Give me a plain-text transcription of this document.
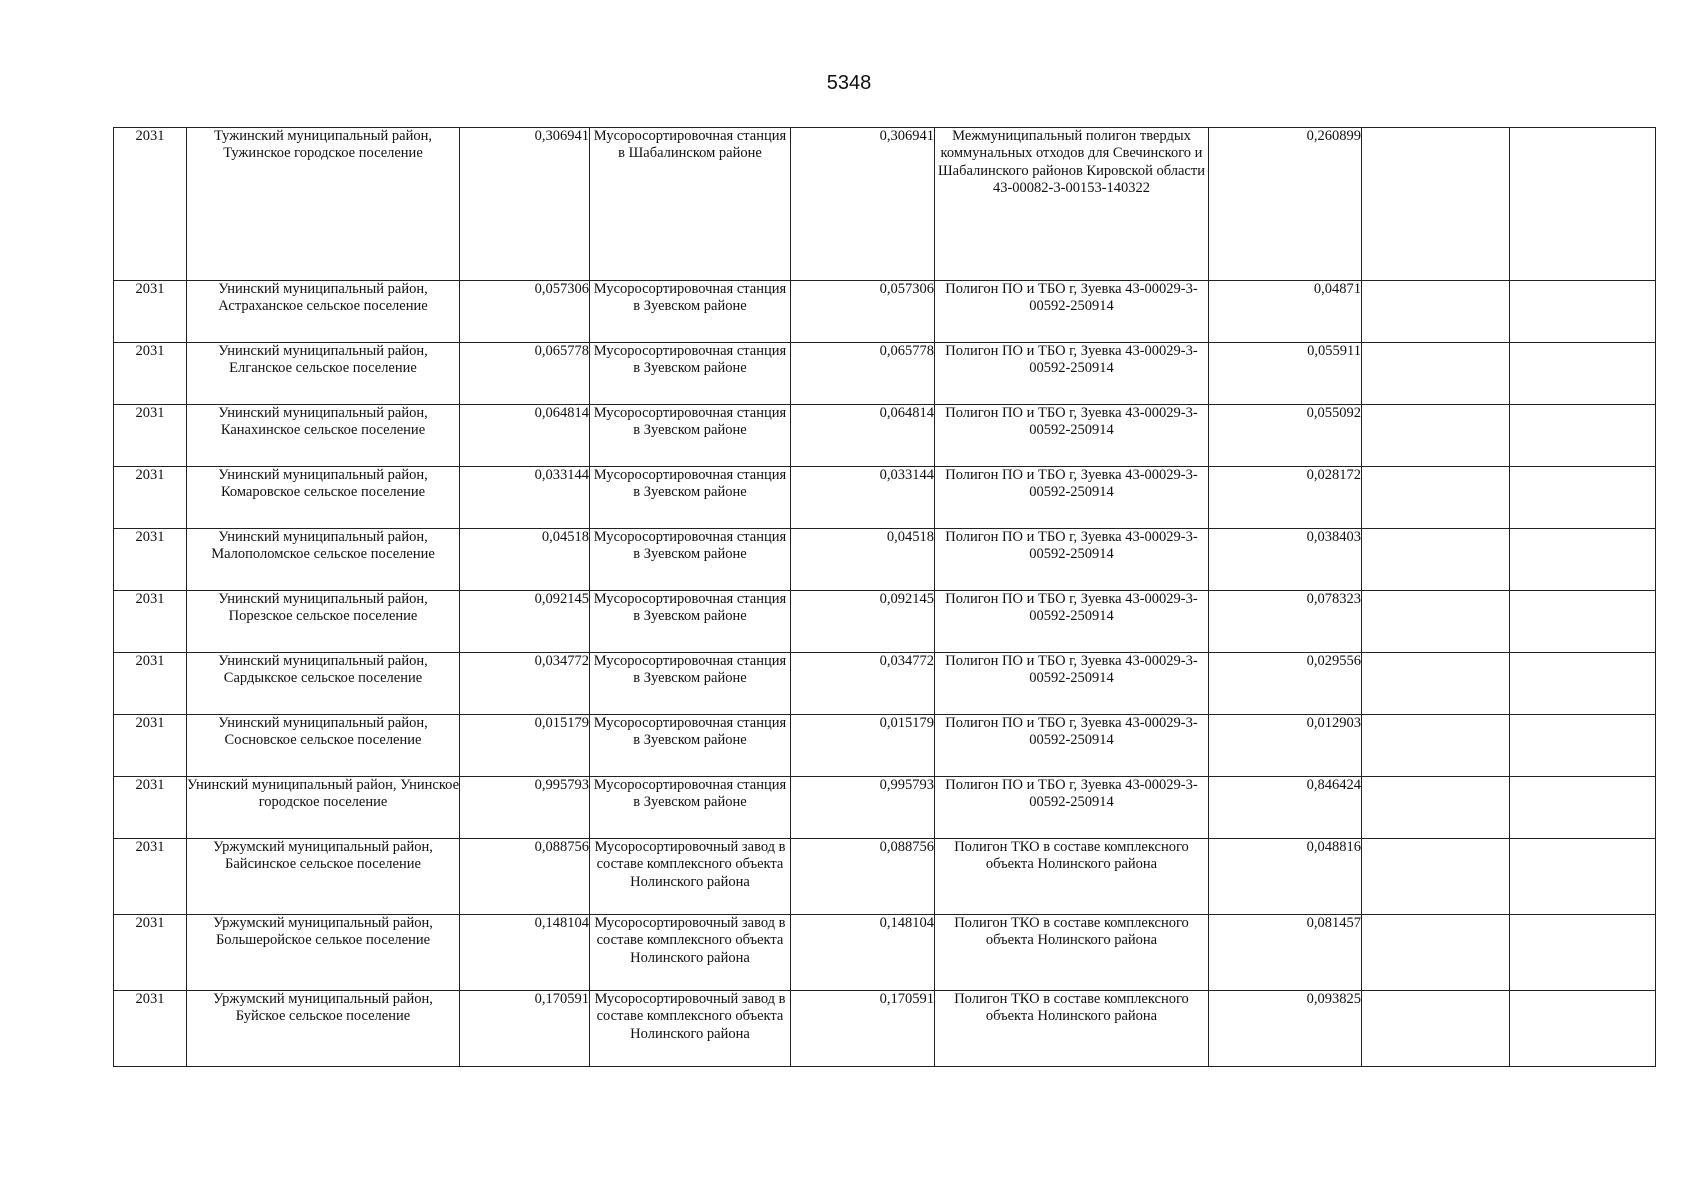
5348
2031	Тужинский муниципальный район, Тужинское городское поселение	0,306941	Мусоросортировочная станция в Шабалинском районе	0,306941	Межмуниципальный полигон твердых коммунальных отходов для Свечинского и Шабалинского районов Кировской области 43-00082-3-00153-140322	0,260899		
2031	Унинский муниципальный район, Астраханское сельское поселение	0,057306	Мусоросортировочная станция в Зуевском районе	0,057306	Полигон ПО и ТБО г, Зуевка 43-00029-3-00592-250914	0,04871		
2031	Унинский муниципальный район, Елганское сельское поселение	0,065778	Мусоросортировочная станция в Зуевском районе	0,065778	Полигон ПО и ТБО г, Зуевка 43-00029-3-00592-250914	0,055911		
2031	Унинский муниципальный район, Канахинское сельское поселение	0,064814	Мусоросортировочная станция в Зуевском районе	0,064814	Полигон ПО и ТБО г, Зуевка 43-00029-3-00592-250914	0,055092		
2031	Унинский муниципальный район, Комаровское сельское поселение	0,033144	Мусоросортировочная станция в Зуевском районе	0,033144	Полигон ПО и ТБО г, Зуевка 43-00029-3-00592-250914	0,028172		
2031	Унинский муниципальный район, Малополомское сельское поселение	0,04518	Мусоросортировочная станция в Зуевском районе	0,04518	Полигон ПО и ТБО г, Зуевка 43-00029-3-00592-250914	0,038403		
2031	Унинский муниципальный район, Порезское сельское поселение	0,092145	Мусоросортировочная станция в Зуевском районе	0,092145	Полигон ПО и ТБО г, Зуевка 43-00029-3-00592-250914	0,078323		
2031	Унинский муниципальный район, Сардыкское сельское поселение	0,034772	Мусоросортировочная станция в Зуевском районе	0,034772	Полигон ПО и ТБО г, Зуевка 43-00029-3-00592-250914	0,029556		
2031	Унинский муниципальный район, Сосновское сельское поселение	0,015179	Мусоросортировочная станция в Зуевском районе	0,015179	Полигон ПО и ТБО г, Зуевка 43-00029-3-00592-250914	0,012903		
2031	Унинский муниципальный район, Унинское городское поселение	0,995793	Мусоросортировочная станция в Зуевском районе	0,995793	Полигон ПО и ТБО г, Зуевка 43-00029-3-00592-250914	0,846424		
2031	Уржумский муниципальный район, Байсинское сельское поселение	0,088756	Мусоросортировочный завод в составе комплексного объекта Нолинского района	0,088756	Полигон ТКО в составе комплексного объекта Нолинского района	0,048816		
2031	Уржумский муниципальный район, Большеройское селькое поселение	0,148104	Мусоросортировочный завод в составе комплексного объекта Нолинского района	0,148104	Полигон ТКО в составе комплексного объекта Нолинского района	0,081457		
2031	Уржумский муниципальный район, Буйское сельское поселение	0,170591	Мусоросортировочный завод в составе комплексного объекта Нолинского района	0,170591	Полигон ТКО в составе комплексного объекта Нолинского района	0,093825		
